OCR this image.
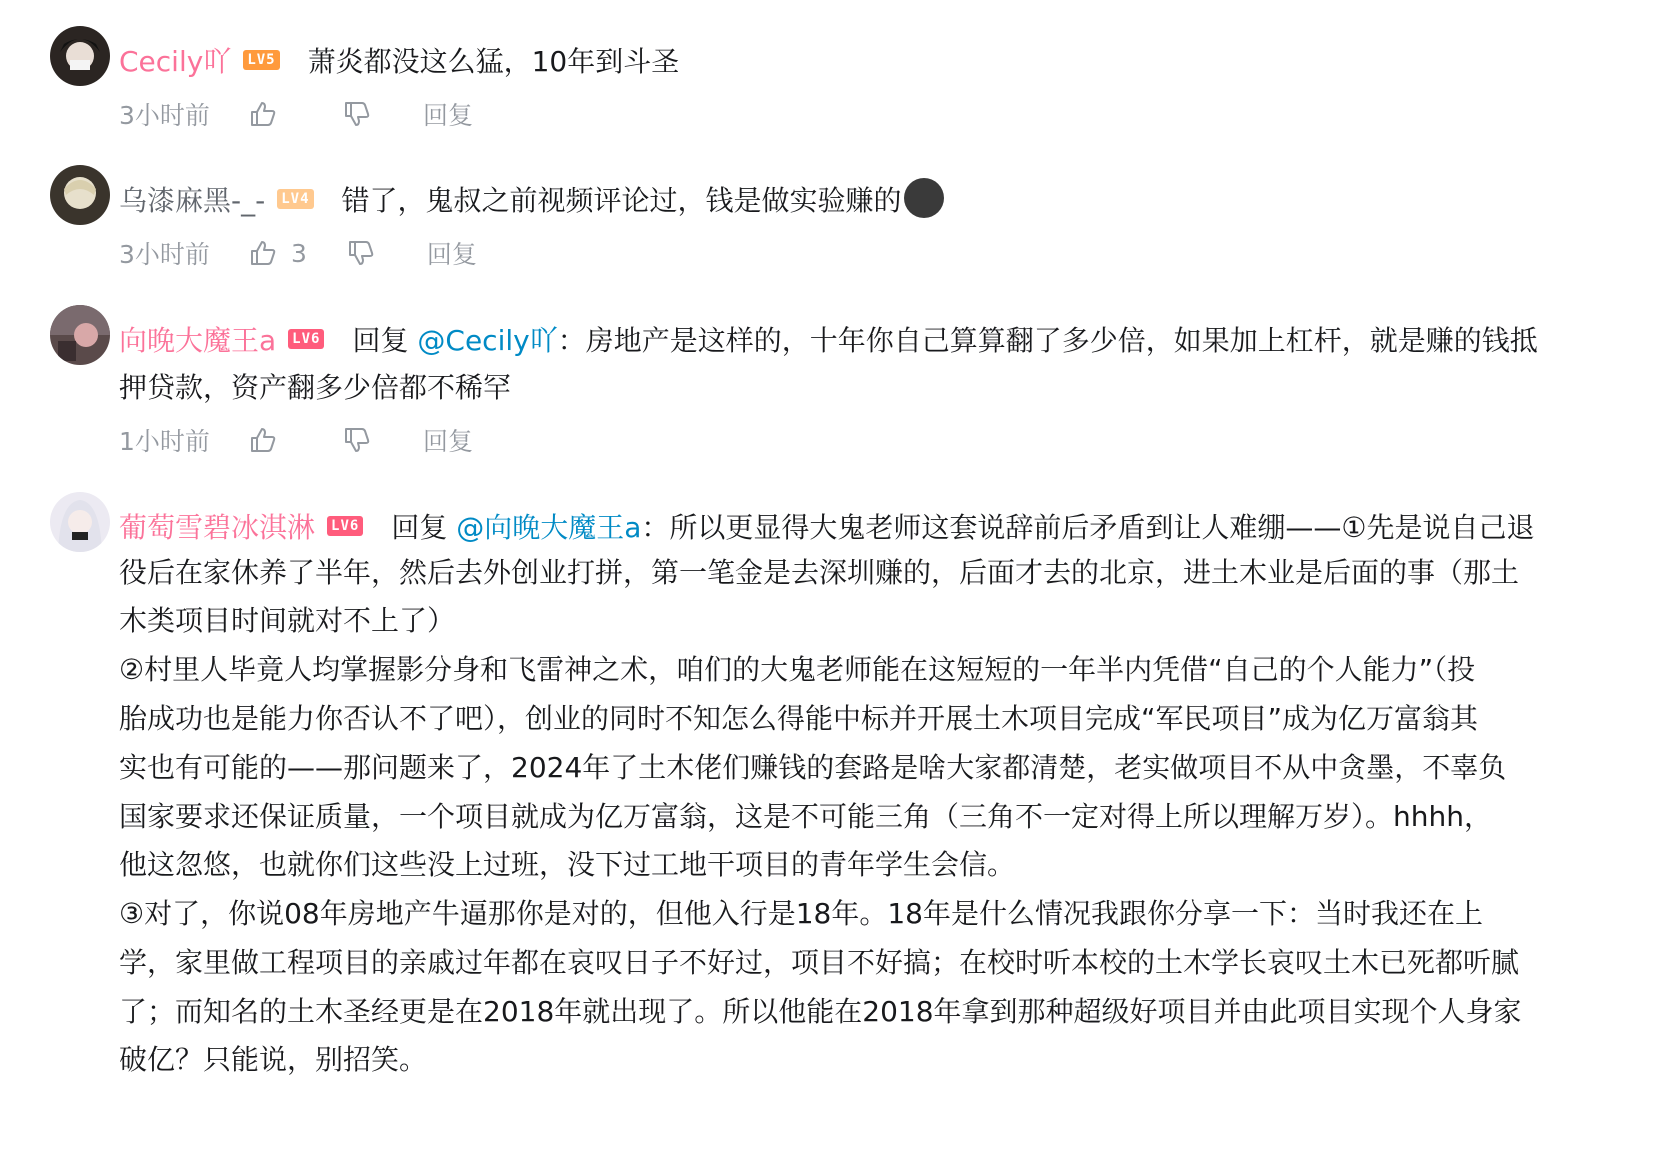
Cecily吖 LV5 萧炎都没这么猛，10年到斗圣
3小时前	回复
乌漆麻黑-_- LV4 错了，鬼叔之前视频评论过，钱是做实验赚的
3小时前	3	回复
向晚大魔王a LV6 回复 @Cecily吖：房地产是这样的，十年你自己算算翻了多少倍，如果加上杠杆，就是赚的钱抵
押贷款，资产翻多少倍都不稀罕
1小时前	回复
葡萄雪碧冰淇淋 LV6 回复 @向晚大魔王a：所以更显得大鬼老师这套说辞前后矛盾到让人难绷——①先是说自己退
役后在家休养了半年，然后去外创业打拼，第一笔金是去深圳赚的，后面才去的北京，进土木业是后面的事（那土
木类项目时间就对不上了）
②村里人毕竟人均掌握影分身和飞雷神之术，咱们的大鬼老师能在这短短的一年半内凭借“自己的个人能力”（投
胎成功也是能力你否认不了吧），创业的同时不知怎么得能中标并开展土木项目完成“军民项目”成为亿万富翁其
实也有可能的——那问题来了，2024年了土木佬们赚钱的套路是啥大家都清楚，老实做项目不从中贪墨，不辜负
国家要求还保证质量，一个项目就成为亿万富翁，这是不可能三角（三角不一定对得上所以理解万岁）。hhhh，
他这忽悠，也就你们这些没上过班，没下过工地干项目的青年学生会信。
③对了，你说08年房地产牛逼那你是对的，但他入行是18年。18年是什么情况我跟你分享一下：当时我还在上
学，家里做工程项目的亲戚过年都在哀叹日子不好过，项目不好搞；在校时听本校的土木学长哀叹土木已死都听腻
了；而知名的土木圣经更是在2018年就出现了。所以他能在2018年拿到那种超级好项目并由此项目实现个人身家
破亿？只能说，别招笑。
